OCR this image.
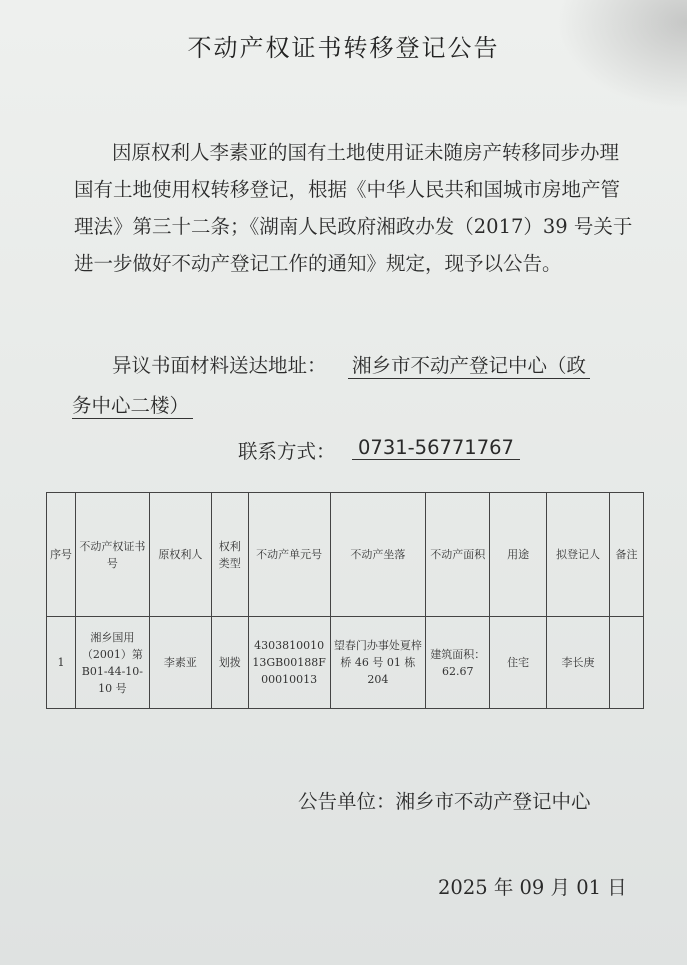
不动产权证书转移登记公告

因原权利人李素亚的国有土地使用证未随房产转移同步办理国有土地使用权转移登记，根据《中华人民共和国城市房地产管理法》第三十二条；《湖南人民政府湘政办发（2017）39 号关于进一步做好不动产登记工作的通知》规定，现予以公告。

异议书面材料送达地址： 湘乡市不动产登记中心（政
务中心二楼）
联系方式：	0731-56771767
序号	不动产权证书号	原权利人	权利类型	不动产单元号	不动产坐落	不动产面积	用途	拟登记人	备注
1	湘乡国用（2001）第 B01-44-10-10 号	李素亚	划拨	430381001013GB00188F00010013	望春门办事处夏梓桥 46 号 01 栋 204	建筑面积：62.67	住宅	李长庚	
公告单位：湘乡市不动产登记中心
2025 年 09 月 01 日
